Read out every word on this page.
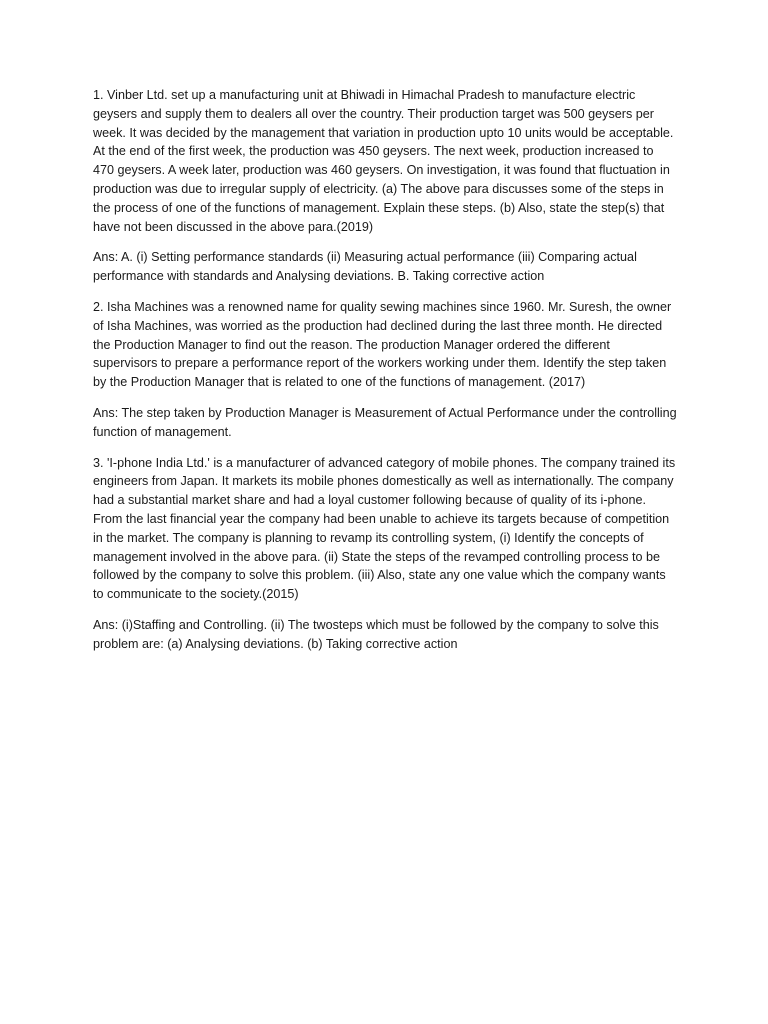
1. Vinber Ltd. set up a manufacturing unit at Bhiwadi in Himachal Pradesh to manufacture electric geysers and supply them to dealers all over the country. Their production target was 500 geysers per week. It was decided by the management that variation in production upto 10 units would be acceptable. At the end of the first week, the production was 450 geysers. The next week, production increased to 470 geysers. A week later, production was 460 geysers. On investigation, it was found that fluctuation in production was due to irregular supply of electricity. (a) The above para discusses some of the steps in the process of one of the functions of management. Explain these steps. (b) Also, state the step(s) that have not been discussed in the above para.(2019)

Ans: A. (i) Setting performance standards (ii) Measuring actual performance (iii) Comparing actual performance with standards and Analysing deviations. B. Taking corrective action

2. Isha Machines was a renowned name for quality sewing machines since 1960. Mr. Suresh, the owner of Isha Machines, was worried as the production had declined during the last three month. He directed the Production Manager to find out the reason. The production Manager ordered the different supervisors to prepare a performance report of the workers working under them. Identify the step taken by the Production Manager that is related to one of the functions of management. (2017)

Ans: The step taken by Production Manager is Measurement of Actual Performance under the controlling function of management.

3. 'I-phone India Ltd.' is a manufacturer of advanced category of mobile phones. The company trained its engineers from Japan. It markets its mobile phones domestically as well as internationally. The company had a substantial market share and had a loyal customer following because of quality of its i-phone. From the last financial year the company had been unable to achieve its targets because of competition in the market. The company is planning to revamp its controlling system, (i) Identify the concepts of management involved in the above para. (ii) State the steps of the revamped controlling process to be followed by the company to solve this problem. (iii) Also, state any one value which the company wants to communicate to the society.(2015)

Ans: (i)Staffing and Controlling. (ii) The twosteps which must be followed by the company to solve this problem are: (a) Analysing deviations. (b) Taking corrective action
